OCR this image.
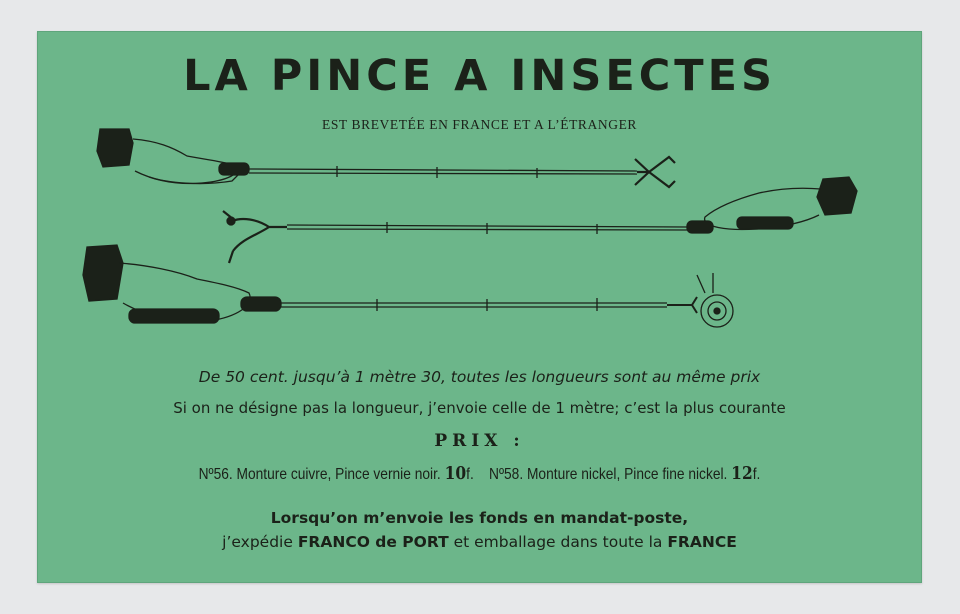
LA PINCE A INSECTES
EST BREVETÉE EN FRANCE ET A L’ÉTRANGER
De 50 cent. jusqu’à 1 mètre 30, toutes les longueurs sont au même prix
Si on ne désigne pas la longueur, j’envoie celle de 1 mètre; c’est la plus courante
PRIX :
Nº56. Monture cuivre, Pince vernie noir. 10f. Nº58. Monture nickel, Pince fine nickel. 12f.
Lorsqu’on m’envoie les fonds en mandat-poste,
j’expédie FRANCO de PORT et emballage dans toute la FRANCE
